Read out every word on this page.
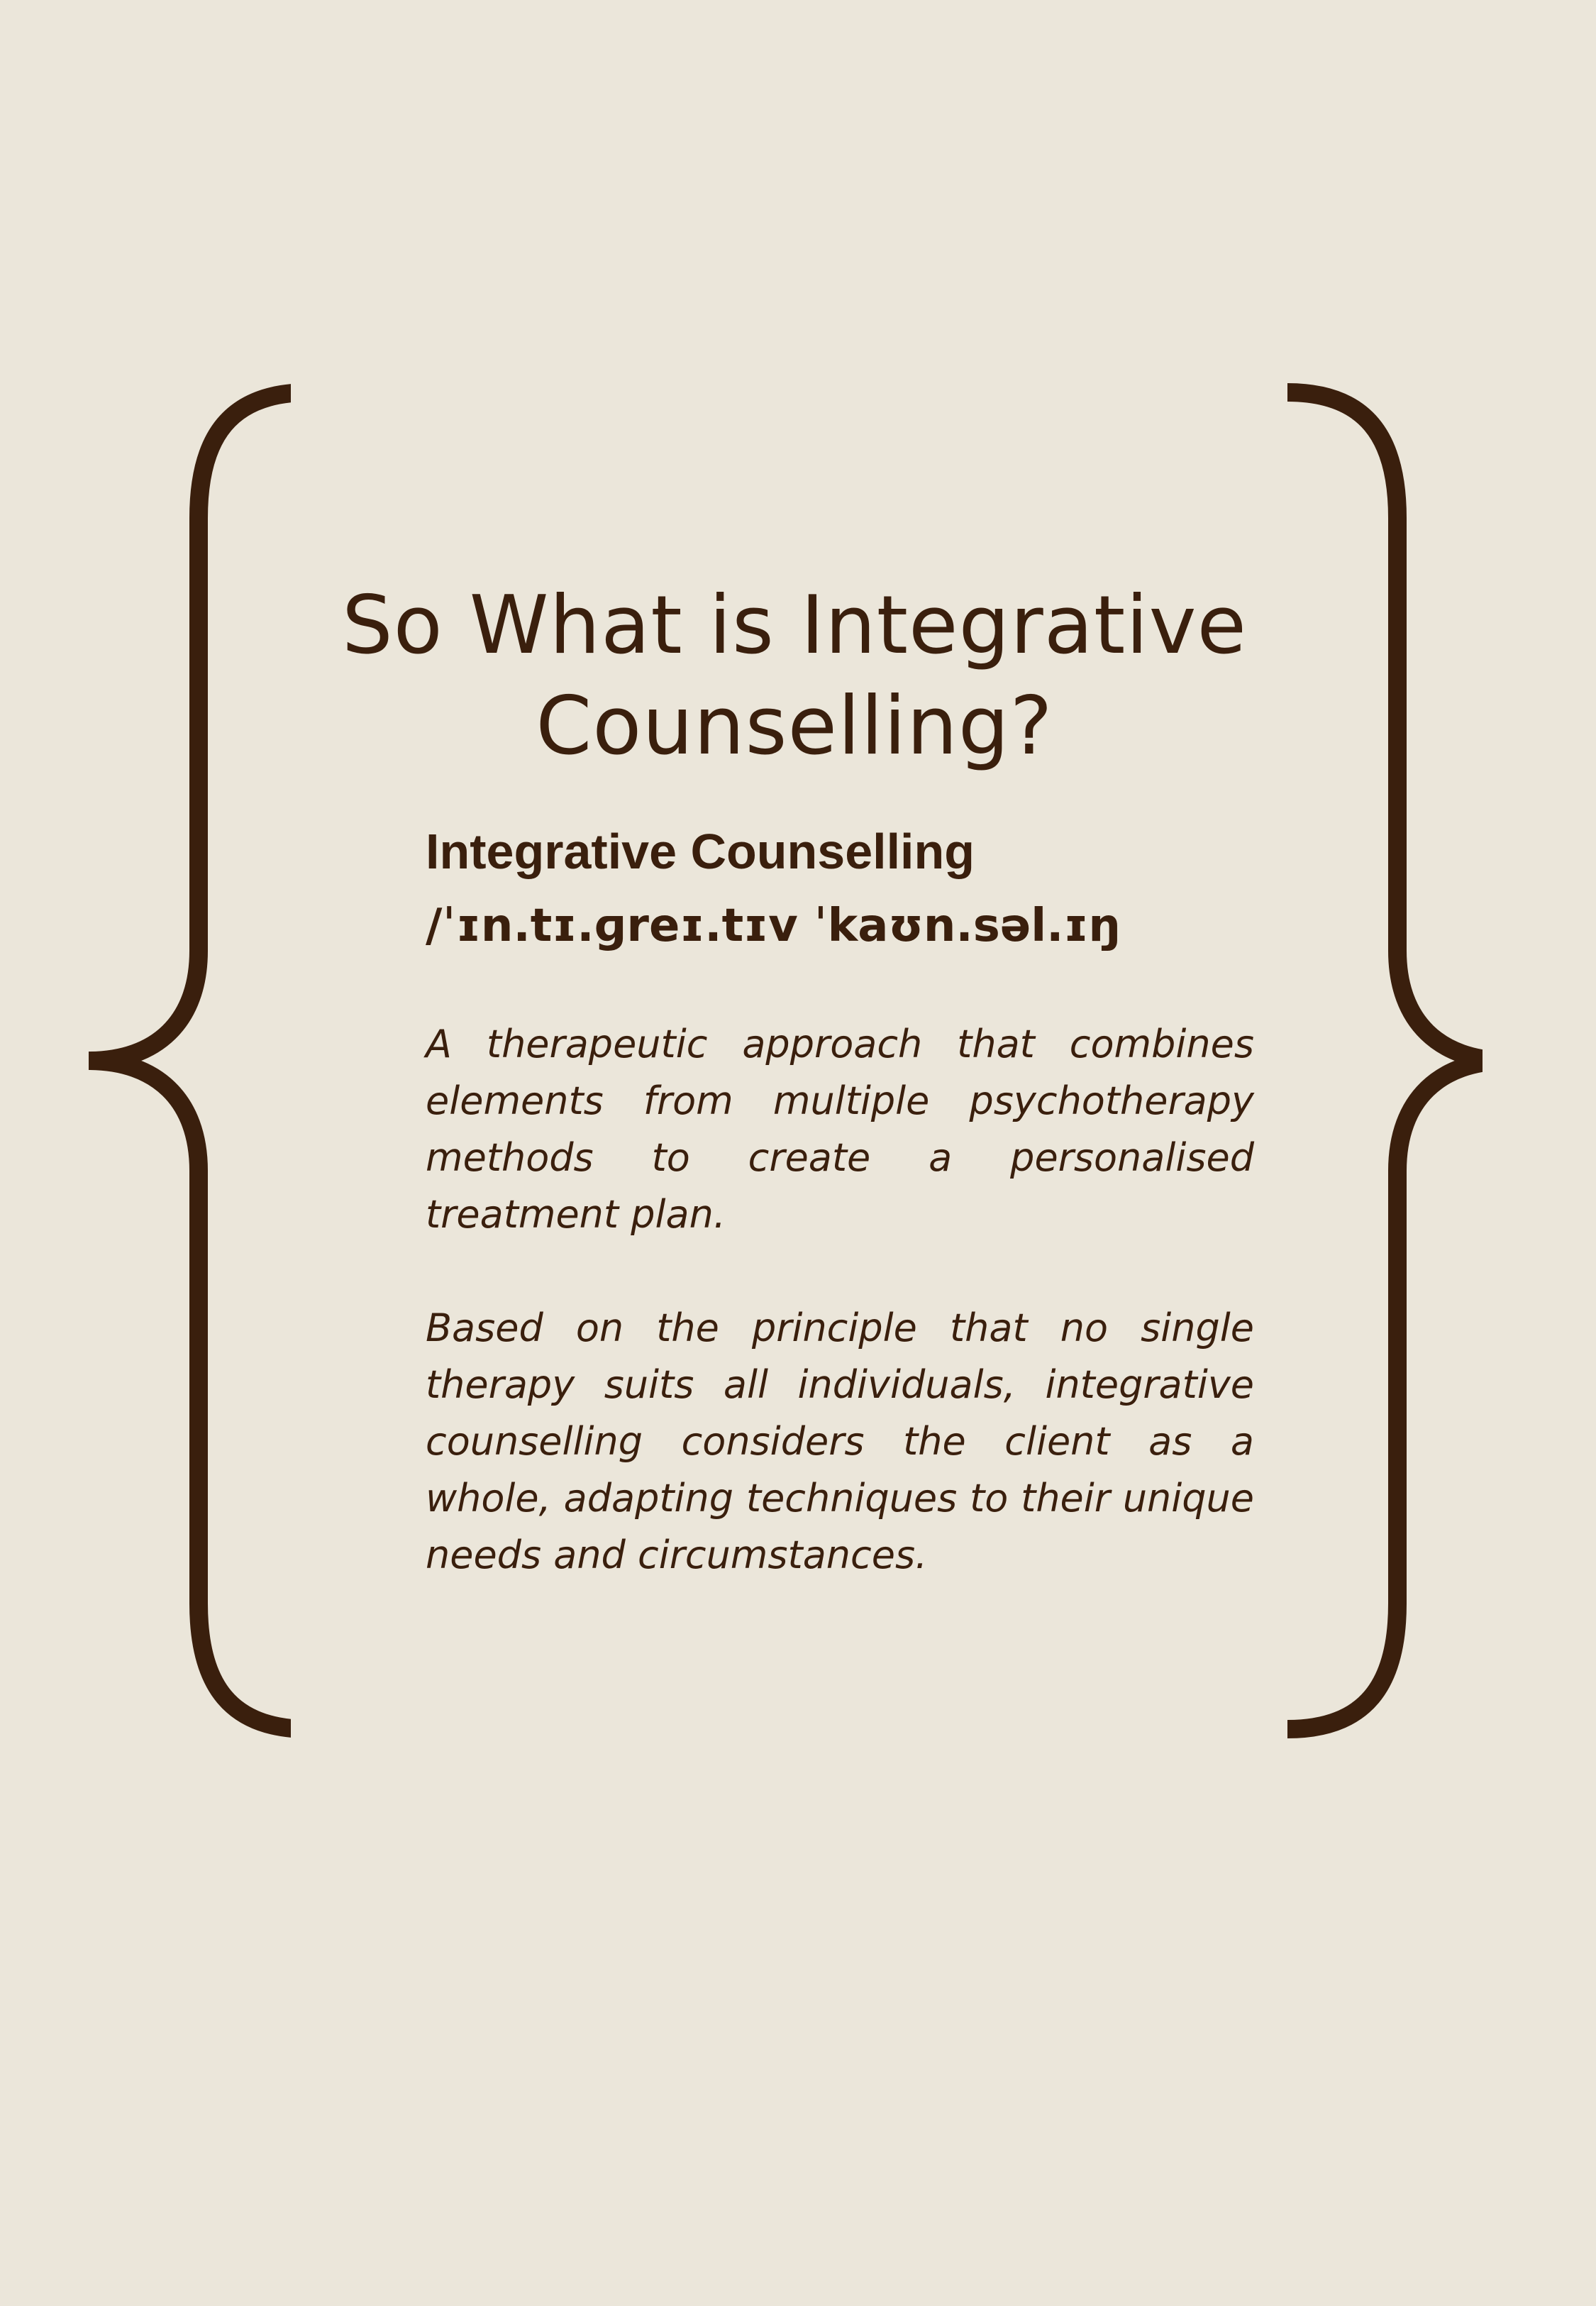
So What is Integrative
Counselling?

Integrative Counselling

/ˈɪn.tɪ.ɡreɪ.tɪv ˈkaʊn.səl.ɪŋ

A therapeutic approach that combines elements from multiple psychotherapy methods to create a personalised treatment plan.

Based on the principle that no single therapy suits all individuals, integrative counselling considers the client as a whole, adapting techniques to their unique needs and circumstances.
